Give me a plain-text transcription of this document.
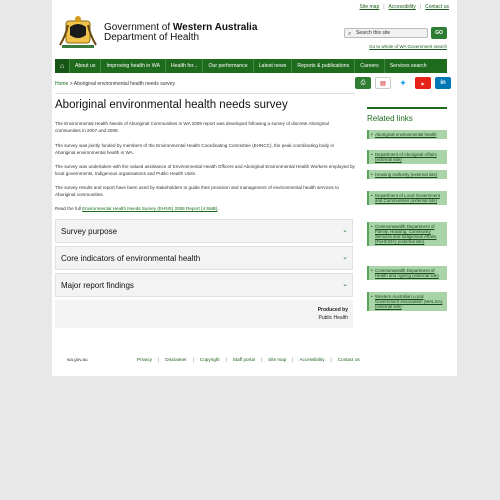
Site map | Accessibility | Contact us
Government of Western Australia
Department of Health	⌕ Search this site	GO
Go to whole of WA Government search
⌂	About us	Improving health in WA	Health for...	Our performance	Latest news	Reports & publications	Careers	Services search
Home > Aboriginal environmental health needs survey	⎙	▤	✦	▶	in
Aboriginal environmental health needs survey

The Environmental Health Needs of Aboriginal Communities in WA 2008 report was developed following a survey of discrete Aboriginal communities in 2007 and 2008.

The survey was jointly funded by members of the Environmental Health Coordinating Committee (EHNCC), the peak coordinating body in Aboriginal environmental health in WA.

The survey was undertaken with the valued assistance of Environmental Health Officers and Aboriginal Environmental Health Workers employed by local governments, Indigenous organisations and Public Health Units.

The survey results and report have been used by stakeholders to guide their provision and management of environmental health services to Aboriginal communities.

Read the full Environmental Health Needs Survey (EHNS) 2008 Report (4.5MB).

Survey purpose	⌄
Core indicators of environmental health	⌄
Major report findings	⌄
Produced by
Public Health
Related links
• Aboriginal environmental health
• Department of Aboriginal Affairs (external site)
• Housing Authority (external site)
• Department of Local Government and Communities (external site)
• Commonwealth Department of Family, Housing, Community Services and Indigenous Affairs (FaHCSIA) (external site)
• Commonwealth Department of Health and Ageing (external site)
• Western Australian Local Government Association (WALGA) (external site)
wa.gov.au	Privacy | Disclaimer | Copyright | Staff portal | Site map | Accessibility | Contact us
